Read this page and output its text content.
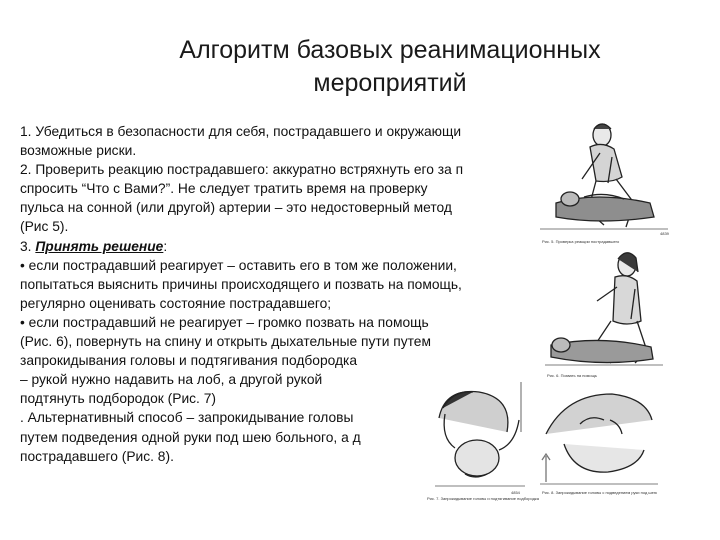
Алгоритм базовых реанимационных
мероприятий
Рис. 5. Проверка реакции пострадавшего
4839
Рис. 6. Позвать на помощь
Рис. 7. Запрокидывание головы и подтягивание подбородка
4854	Рис. 8. Запрокидывание головы с подведением руки под шею
1. Убедиться в безопасности для себя, пострадавшего и окружающи
возможные риски.
2. Проверить реакцию пострадавшего: аккуратно встряхнуть его за п
спросить “Что с Вами?”. Не следует тратить время на проверку
пульса на сонной (или другой) артерии – это недостоверный метод
(Рис 5).
3. Принять решение:
• если пострадавший реагирует – оставить его в том же положении,
попытаться выяснить причины происходящего и позвать на помощь,
регулярно оценивать состояние пострадавшего;
• если пострадавший не реагирует – громко позвать на помощь
(Рис. 6), повернуть на спину и открыть дыхательные пути путем
запрокидывания головы и подтягивания подбородка
– рукой нужно надавить на лоб, а другой рукой
подтянуть подбородок (Рис. 7)
. Альтернативный способ – запрокидывание головы
путем подведения одной руки под шею больного, а д
пострадавшего (Рис. 8).
